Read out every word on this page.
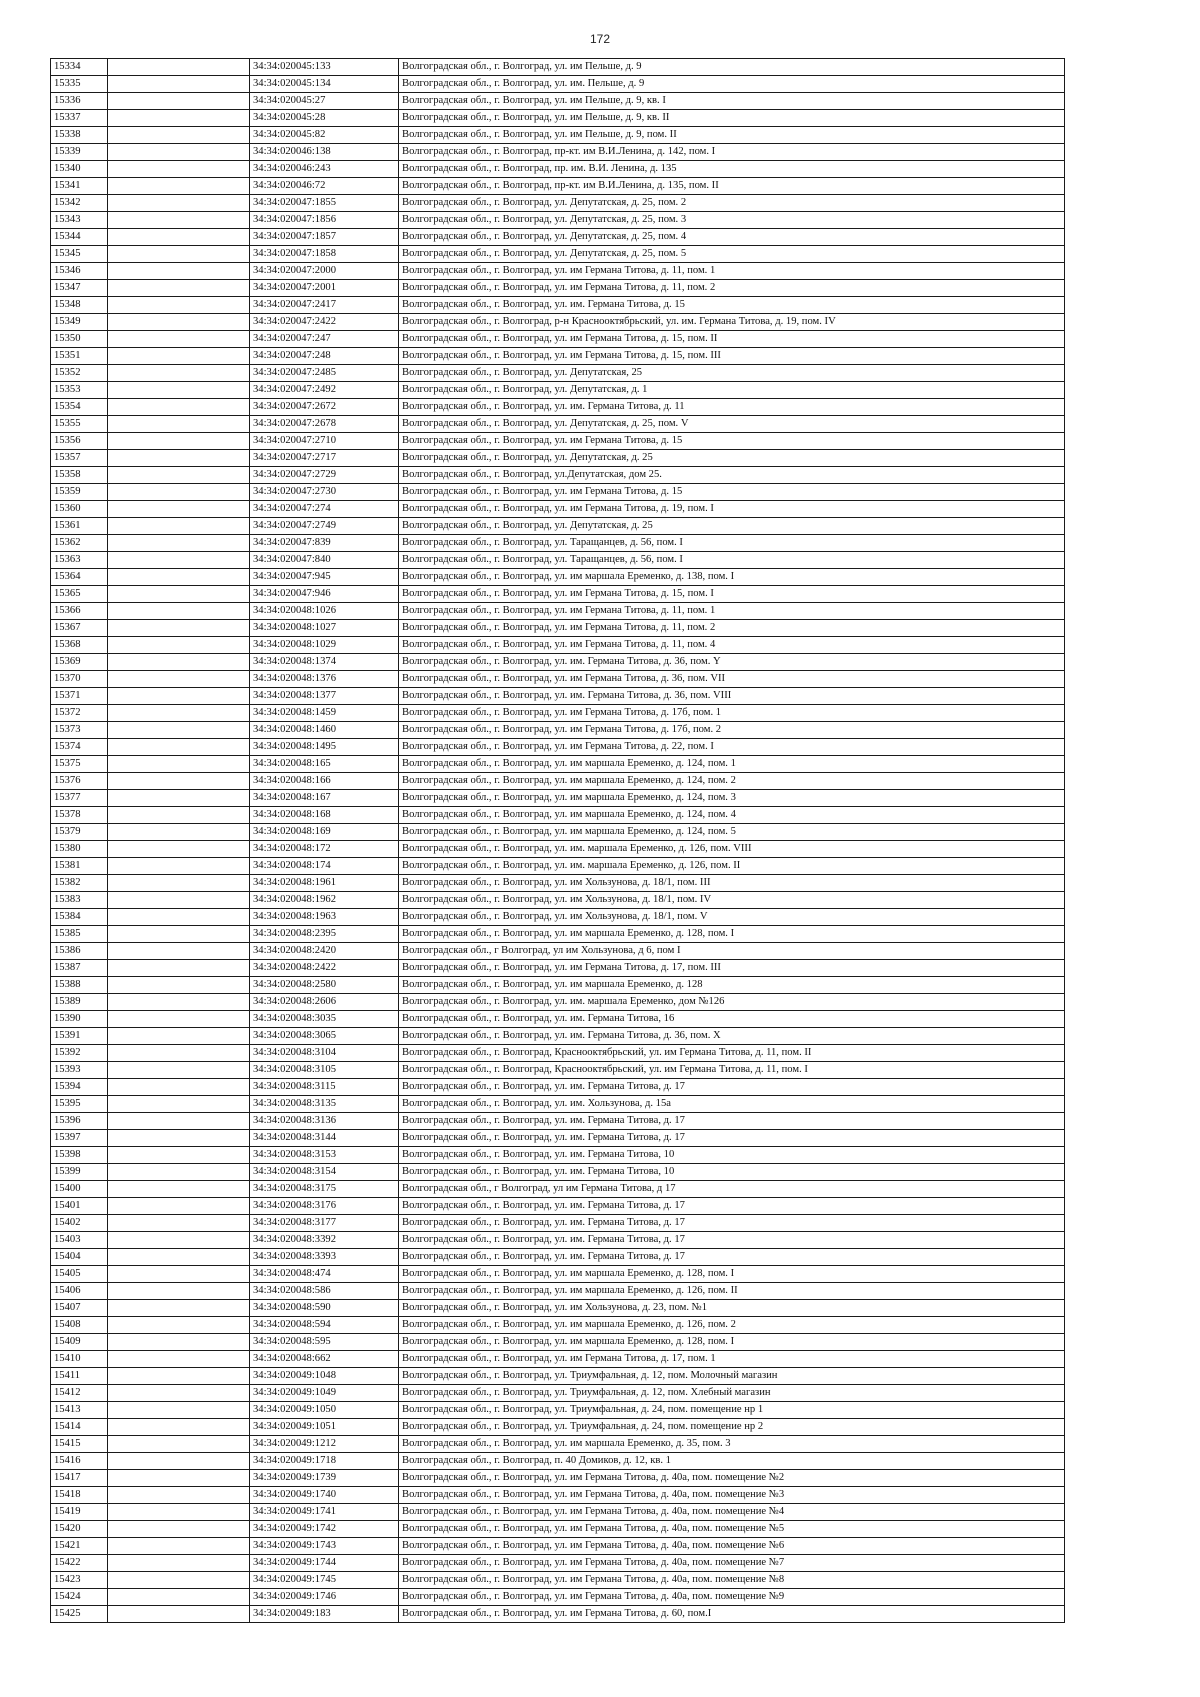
172
15334		34:34:020045:133	Волгоградская обл., г. Волгоград, ул. им Пельше, д. 9
15335		34:34:020045:134	Волгоградская обл., г. Волгоград, ул. им. Пельше, д. 9
15336		34:34:020045:27	Волгоградская обл., г. Волгоград, ул. им Пельше, д. 9, кв. I
15337		34:34:020045:28	Волгоградская обл., г. Волгоград, ул. им Пельше, д. 9, кв. II
15338		34:34:020045:82	Волгоградская обл., г. Волгоград, ул. им Пельше, д. 9, пом. II
15339		34:34:020046:138	Волгоградская обл., г. Волгоград, пр-кт. им В.И.Ленина, д. 142, пом. I
15340		34:34:020046:243	Волгоградская обл., г. Волгоград, пр. им. В.И. Ленина, д. 135
15341		34:34:020046:72	Волгоградская обл., г. Волгоград, пр-кт. им В.И.Ленина, д. 135, пом. II
15342		34:34:020047:1855	Волгоградская обл., г. Волгоград, ул. Депутатская, д. 25, пом. 2
15343		34:34:020047:1856	Волгоградская обл., г. Волгоград, ул. Депутатская, д. 25, пом. 3
15344		34:34:020047:1857	Волгоградская обл., г. Волгоград, ул. Депутатская, д. 25, пом. 4
15345		34:34:020047:1858	Волгоградская обл., г. Волгоград, ул. Депутатская, д. 25, пом. 5
15346		34:34:020047:2000	Волгоградская обл., г. Волгоград, ул. им Германа Титова, д. 11, пом. 1
15347		34:34:020047:2001	Волгоградская обл., г. Волгоград, ул. им Германа Титова, д. 11, пом. 2
15348		34:34:020047:2417	Волгоградская обл., г. Волгоград, ул. им. Германа Титова, д. 15
15349		34:34:020047:2422	Волгоградская обл., г. Волгоград, р-н Краснооктябрьский, ул. им. Германа Титова, д. 19, пом. IV
15350		34:34:020047:247	Волгоградская обл., г. Волгоград, ул. им Германа Титова, д. 15, пом. II
15351		34:34:020047:248	Волгоградская обл., г. Волгоград, ул. им Германа Титова, д. 15, пом. III
15352		34:34:020047:2485	Волгоградская обл., г. Волгоград, ул. Депутатская, 25
15353		34:34:020047:2492	Волгоградская обл., г. Волгоград, ул. Депутатская, д. 1
15354		34:34:020047:2672	Волгоградская обл., г. Волгоград, ул. им. Германа Титова, д. 11
15355		34:34:020047:2678	Волгоградская обл., г. Волгоград, ул. Депутатская, д. 25, пом. V
15356		34:34:020047:2710	Волгоградская обл., г. Волгоград, ул. им Германа Титова, д. 15
15357		34:34:020047:2717	Волгоградская обл., г. Волгоград, ул. Депутатская, д. 25
15358		34:34:020047:2729	Волгоградская обл., г. Волгоград, ул.Депутатская, дом 25.
15359		34:34:020047:2730	Волгоградская обл., г. Волгоград, ул. им Германа Титова, д. 15
15360		34:34:020047:274	Волгоградская обл., г. Волгоград, ул. им Германа Титова, д. 19, пом. I
15361		34:34:020047:2749	Волгоградская обл., г. Волгоград, ул. Депутатская, д. 25
15362		34:34:020047:839	Волгоградская обл., г. Волгоград, ул. Таращанцев, д. 56, пом. I
15363		34:34:020047:840	Волгоградская обл., г. Волгоград, ул. Таращанцев, д. 56, пом. I
15364		34:34:020047:945	Волгоградская обл., г. Волгоград, ул. им маршала Еременко, д. 138, пом. I
15365		34:34:020047:946	Волгоградская обл., г. Волгоград, ул. им Германа Титова, д. 15, пом. I
15366		34:34:020048:1026	Волгоградская обл., г. Волгоград, ул. им Германа Титова, д. 11, пом. 1
15367		34:34:020048:1027	Волгоградская обл., г. Волгоград, ул. им Германа Титова, д. 11, пом. 2
15368		34:34:020048:1029	Волгоградская обл., г. Волгоград, ул. им Германа Титова, д. 11, пом. 4
15369		34:34:020048:1374	Волгоградская обл., г. Волгоград, ул. им. Германа Титова, д. 36, пом. Y
15370		34:34:020048:1376	Волгоградская обл., г. Волгоград, ул. им Германа Титова, д. 36, пом. VII
15371		34:34:020048:1377	Волгоградская обл., г. Волгоград, ул. им. Германа Титова, д. 36, пом. VIII
15372		34:34:020048:1459	Волгоградская обл., г. Волгоград, ул. им Германа Титова, д. 17б, пом. 1
15373		34:34:020048:1460	Волгоградская обл., г. Волгоград, ул. им Германа Титова, д. 17б, пом. 2
15374		34:34:020048:1495	Волгоградская обл., г. Волгоград, ул. им Германа Титова, д. 22, пом. I
15375		34:34:020048:165	Волгоградская обл., г. Волгоград, ул. им маршала Еременко, д. 124, пом. 1
15376		34:34:020048:166	Волгоградская обл., г. Волгоград, ул. им маршала Еременко, д. 124, пом. 2
15377		34:34:020048:167	Волгоградская обл., г. Волгоград, ул. им маршала Еременко, д. 124, пом. 3
15378		34:34:020048:168	Волгоградская обл., г. Волгоград, ул. им маршала Еременко, д. 124, пом. 4
15379		34:34:020048:169	Волгоградская обл., г. Волгоград, ул. им маршала Еременко, д. 124, пом. 5
15380		34:34:020048:172	Волгоградская обл., г. Волгоград, ул. им. маршала Еременко, д. 126, пом. VIII
15381		34:34:020048:174	Волгоградская обл., г. Волгоград, ул. им. маршала Еременко, д. 126, пом. II
15382		34:34:020048:1961	Волгоградская обл., г. Волгоград, ул. им Хользунова, д. 18/1, пом. III
15383		34:34:020048:1962	Волгоградская обл., г. Волгоград, ул. им Хользунова, д. 18/1, пом. IV
15384		34:34:020048:1963	Волгоградская обл., г. Волгоград, ул. им Хользунова, д. 18/1, пом. V
15385		34:34:020048:2395	Волгоградская обл., г. Волгоград, ул. им маршала Еременко, д. 128, пом. I
15386		34:34:020048:2420	Волгоградская обл., г Волгоград, ул им Хользунова, д 6, пом I
15387		34:34:020048:2422	Волгоградская обл., г. Волгоград, ул. им Германа Титова, д. 17, пом. III
15388		34:34:020048:2580	Волгоградская обл., г. Волгоград, ул. им маршала Еременко, д. 128
15389		34:34:020048:2606	Волгоградская обл., г. Волгоград, ул. им. маршала Еременко, дом №126
15390		34:34:020048:3035	Волгоградская обл., г. Волгоград, ул. им. Германа Титова, 16
15391		34:34:020048:3065	Волгоградская обл., г. Волгоград, ул. им. Германа Титова, д. 36, пом. X
15392		34:34:020048:3104	Волгоградская обл., г. Волгоград, Краснооктябрьский, ул. им Германа Титова, д. 11, пом. II
15393		34:34:020048:3105	Волгоградская обл., г. Волгоград, Краснооктябрьский, ул. им Германа Титова, д. 11, пом. I
15394		34:34:020048:3115	Волгоградская обл., г. Волгоград, ул. им. Германа Титова, д. 17
15395		34:34:020048:3135	Волгоградская обл., г. Волгоград, ул. им. Хользунова, д. 15а
15396		34:34:020048:3136	Волгоградская обл., г. Волгоград, ул. им. Германа Титова, д. 17
15397		34:34:020048:3144	Волгоградская обл., г. Волгоград, ул. им. Германа Титова, д. 17
15398		34:34:020048:3153	Волгоградская обл., г. Волгоград, ул. им. Германа Титова, 10
15399		34:34:020048:3154	Волгоградская обл., г. Волгоград, ул. им. Германа Титова, 10
15400		34:34:020048:3175	Волгоградская обл., г Волгоград, ул им Германа Титова, д 17
15401		34:34:020048:3176	Волгоградская обл., г. Волгоград, ул. им. Германа Титова, д. 17
15402		34:34:020048:3177	Волгоградская обл., г. Волгоград, ул. им. Германа Титова, д. 17
15403		34:34:020048:3392	Волгоградская обл., г. Волгоград, ул. им. Германа Титова, д. 17
15404		34:34:020048:3393	Волгоградская обл., г. Волгоград, ул. им. Германа Титова, д. 17
15405		34:34:020048:474	Волгоградская обл., г. Волгоград, ул. им маршала Еременко, д. 128, пом. I
15406		34:34:020048:586	Волгоградская обл., г. Волгоград, ул. им маршала Еременко, д. 126, пом. II
15407		34:34:020048:590	Волгоградская обл., г. Волгоград, ул. им Хользунова, д. 23, пом. №1
15408		34:34:020048:594	Волгоградская обл., г. Волгоград, ул. им маршала Еременко, д. 126, пом. 2
15409		34:34:020048:595	Волгоградская обл., г. Волгоград, ул. им маршала Еременко, д. 128, пом. I
15410		34:34:020048:662	Волгоградская обл., г. Волгоград, ул. им Германа Титова, д. 17, пом. 1
15411		34:34:020049:1048	Волгоградская обл., г. Волгоград, ул. Триумфальная, д. 12, пом. Молочный магазин
15412		34:34:020049:1049	Волгоградская обл., г. Волгоград, ул. Триумфальная, д. 12, пом. Хлебный магазин
15413		34:34:020049:1050	Волгоградская обл., г. Волгоград, ул. Триумфальная, д. 24, пом. помещение нр 1
15414		34:34:020049:1051	Волгоградская обл., г. Волгоград, ул. Триумфальная, д. 24, пом. помещение нр 2
15415		34:34:020049:1212	Волгоградская обл., г. Волгоград, ул. им маршала Еременко, д. 35, пом. 3
15416		34:34:020049:1718	Волгоградская обл., г. Волгоград, п. 40 Домиков, д. 12, кв. 1
15417		34:34:020049:1739	Волгоградская обл., г. Волгоград, ул. им Германа Титова, д. 40а, пом. помещение №2
15418		34:34:020049:1740	Волгоградская обл., г. Волгоград, ул. им Германа Титова, д. 40а, пом. помещение №3
15419		34:34:020049:1741	Волгоградская обл., г. Волгоград, ул. им Германа Титова, д. 40а, пом. помещение №4
15420		34:34:020049:1742	Волгоградская обл., г. Волгоград, ул. им Германа Титова, д. 40а, пом. помещение №5
15421		34:34:020049:1743	Волгоградская обл., г. Волгоград, ул. им Германа Титова, д. 40а, пом. помещение №6
15422		34:34:020049:1744	Волгоградская обл., г. Волгоград, ул. им Германа Титова, д. 40а, пом. помещение №7
15423		34:34:020049:1745	Волгоградская обл., г. Волгоград, ул. им Германа Титова, д. 40а, пом. помещение №8
15424		34:34:020049:1746	Волгоградская обл., г. Волгоград, ул. им Германа Титова, д. 40а, пом. помещение №9
15425		34:34:020049:183	Волгоградская обл., г. Волгоград, ул. им Германа Титова, д. 60, пом.I
